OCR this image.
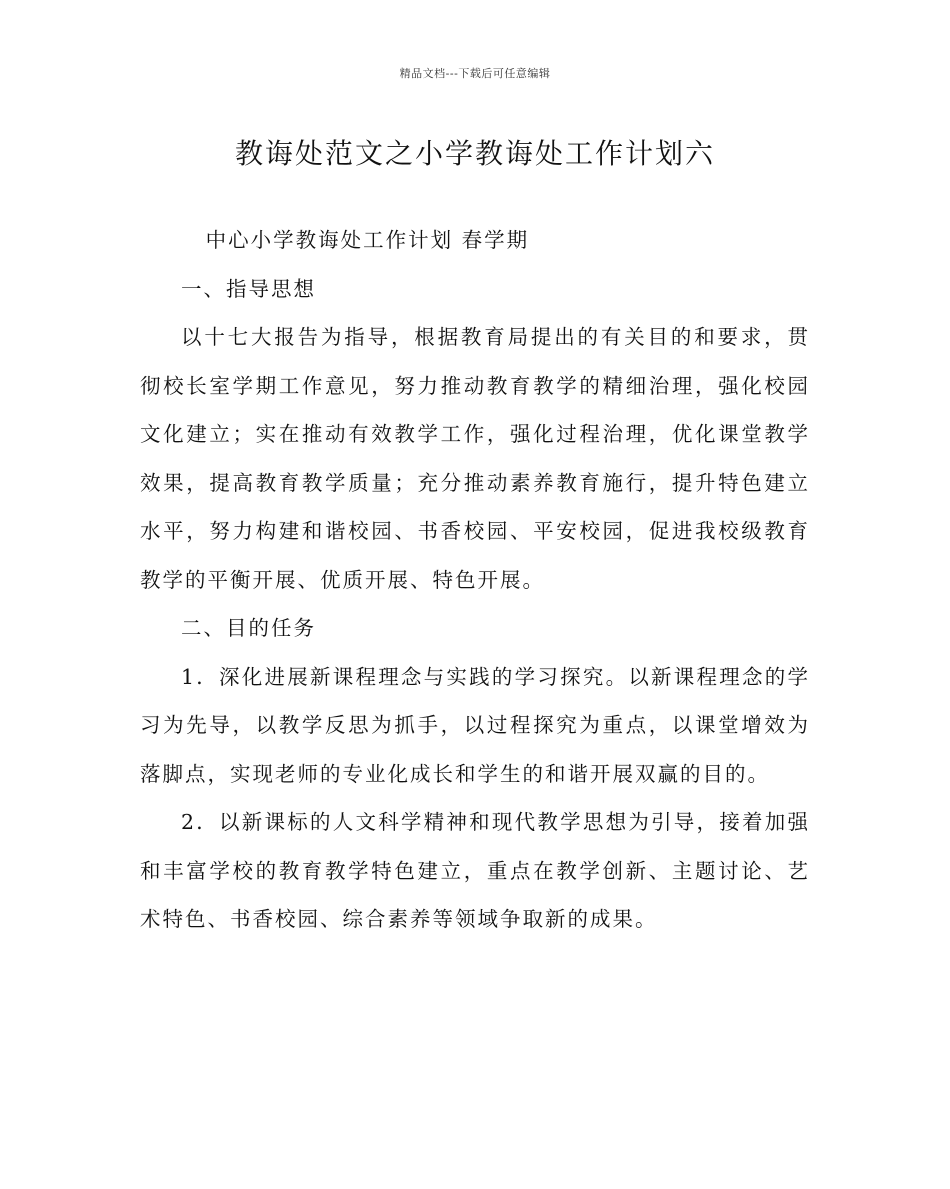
精品文档---下载后可任意编辑
教诲处范文之小学教诲处工作计划六

中心小学教诲处工作计划 春学期

一、指导思想

以十七大报告为指导，根据教育局提出的有关目的和要求，贯彻校长室学期工作意见，努力推动教育教学的精细治理，强化校园文化建立；实在推动有效教学工作，强化过程治理，优化课堂教学效果，提高教育教学质量；充分推动素养教育施行，提升特色建立水平，努力构建和谐校园、书香校园、平安校园，促进我校级教育教学的平衡开展、优质开展、特色开展。

二、目的任务

1．深化进展新课程理念与实践的学习探究。以新课程理念的学习为先导，以教学反思为抓手，以过程探究为重点，以课堂增效为落脚点，实现老师的专业化成长和学生的和谐开展双赢的目的。

2．以新课标的人文科学精神和现代教学思想为引导，接着加强和丰富学校的教育教学特色建立，重点在教学创新、主题讨论、艺术特色、书香校园、综合素养等领域争取新的成果。
